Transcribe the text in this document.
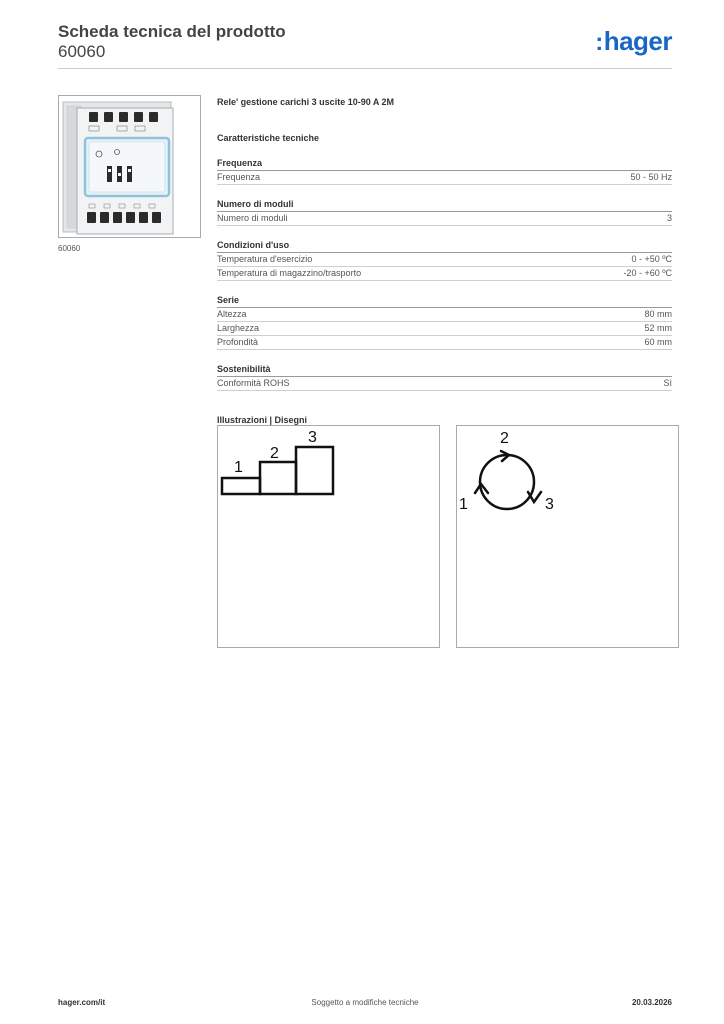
Scheda tecnica del prodotto
60060	:hager
60060
Rele' gestione carichi 3 uscite 10-90 A 2M
Caratteristiche tecniche
Frequenza
Frequenza	50 - 50 Hz
Numero di moduli
Numero di moduli	3
Condizioni d'uso
Temperatura d'esercizio	0 - +50 ºC
Temperatura di magazzino/trasporto	-20 - +60 ºC
Serie
Altezza	80 mm
Larghezza	52 mm
Profondità	60 mm
Sostenibilità
Conformità ROHS	Sì
Illustrazioni | Disegni
1
2
3	2
1	3
hager.com/it	Soggetto a modifiche tecniche	20.03.2026
